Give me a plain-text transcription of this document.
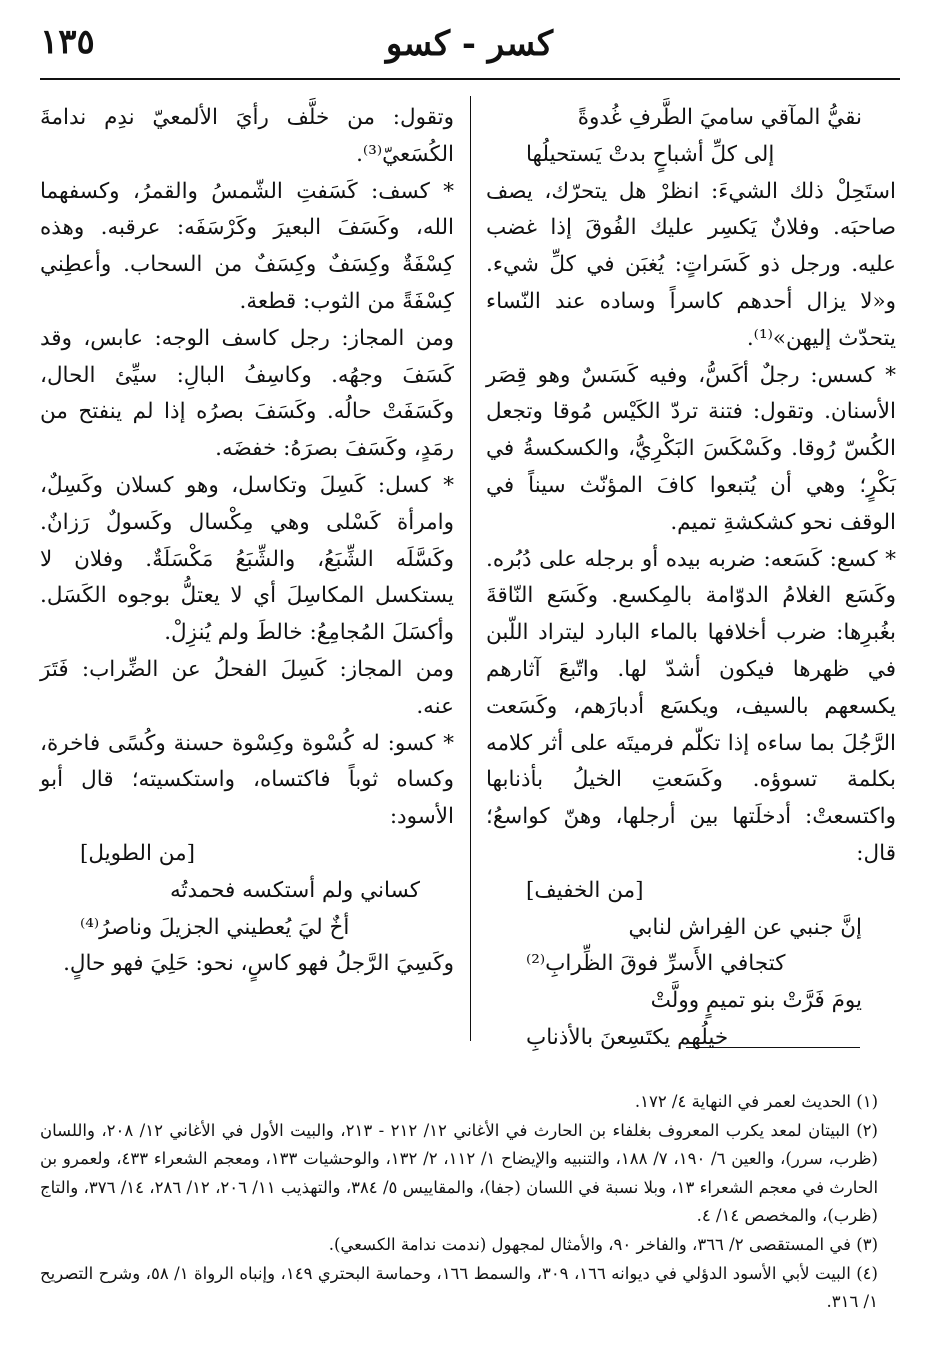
١٣٥	كسر - كسو

نقيُّ المآقي ساميَ الطَّرفِ غُدوةً

إلى كلِّ أشباحٍ بدتْ يَستحيلُها

استَحِلْ ذلك الشيءَ: انظرْ هل يتحرّك، يصف صاحبَه. وفلانٌ يَكسِر عليك الفُوقَ إذا غضب عليه. ورجل ذو كَسَراتٍ: يُغبَن في كلِّ شيء. و«لا يزال أحدهم كاسراً وساده عند النّساء يتحدّث إليهن»⁽¹⁾.

* كسس: رجلٌ أكَسُّ، وفيه كَسَسٌ وهو قِصَر الأسنان. وتقول: فتنة تردّ الكَيْس مُوقا وتجعل الكُسّ رُوقا. وكَسْكَسَ البَكْرِيُّ، والكسكسةُ في بَكْرٍ؛ وهي أن يُتبعوا كافَ المؤنّث سيناً في الوقف نحو كشكشةِ تميم.

* كسع: كَسَعه: ضربه بيده أو برجله على دُبُره. وكَسَع الغلامُ الدوّامة بالمِكسع. وكَسَع النّاقةَ بغُبرِها: ضرب أخلافها بالماء البارد ليتراد اللّبن في ظهرها فيكون أشدّ لها. واتّبعَ آثارهم يكسعهم بالسيف، ويكسَع أدبارَهم، وكَسَعت الرَّجُلَ بما ساءه إذا تكلّم فرميتَه على أثر كلامه بكلمة تسوؤه. وكَسَعتِ الخيلُ بأذنابها واكتسعتْ: أدخلَتها بين أرجلها، وهنّ كواسعُ؛ قال:

[من الخفيف]

إنَّ جنبي عن الفِراش لنابي

كتجافي الأَسرِّ فوقَ الظِّرابِ⁽²⁾

يومَ فَرَّتْ بنو تميمٍ وولَّتْ

خيلُهم يكتَسِعنَ بالأذنابِ

وتقول: من خلَّف رأيَ الألمعيّ ندِم ندامةَ الكُسَعيّ⁽³⁾.

* كسف: كَسَفتِ الشّمسُ والقمرُ، وكسفهما الله، وكَسَفَ البعيرَ وكَرْسَفَه: عرقبه. وهذه كِسْفَةٌ وكِسَفٌ وكِسَفٌ من السحاب. وأعطِني كِسْفَةً من الثوب: قطعة.

ومن المجاز: رجل كاسف الوجه: عابس، وقد كَسَفَ وجهُه. وكاسِفُ البالِ: سيِّئ الحال، وكَسَفَتْ حالُه. وكَسَفَ بصرُه إذا لم ينفتح من رمَدٍ، وكَسَفَ بصرَهُ: خفضَه.

* كسل: كَسِلَ وتكاسل، وهو كسلان وكَسِلٌ، وامرأة كَسْلى وهي مِكْسال وكَسولٌ رَزانٌ. وكَسَّلَه الشِّبَعُ، والشِّبَعُ مَكْسَلَةٌ. وفلان لا يستكسل المكاسِلَ أي لا يعتلُّ بوجوه الكَسَل. وأكسَلَ المُجامِعُ: خالطَ ولم يُنزِلْ.

ومن المجاز: كَسِلَ الفحلُ عن الضِّراب: فَتَرَ عنه.

* كسو: له كُسْوة وكِسْوة حسنة وكُسًى فاخرة، وكساه ثوباً فاكتساه، واستكسيته؛ قال أبو الأسود:

[من الطويل]

كساني ولم أستكسه فحمدتُه

أخٌ ليَ يُعطيني الجزيلَ وناصرُ⁽⁴⁾

وكَسِيَ الرَّجلُ فهو كاسٍ، نحو: حَلِيَ فهو حالٍ.

(١) الحديث لعمر في النهاية ٤/ ١٧٢.

(٢) البيتان لمعد يكرب المعروف بغلفاء بن الحارث في الأغاني ١٢/ ٢١٢ - ٢١٣، والبيت الأول في الأغاني ١٢/ ٢٠٨، واللسان (ظرب، سرر)، والعين ٦/ ١٩٠، ٧/ ١٨٨، والتنبيه والإيضاح ١/ ١١٢، ٢/ ١٣٢، والوحشيات ١٣٣، ومعجم الشعراء ٤٣٣، ولعمرو بن الحارث في معجم الشعراء ١٣، وبلا نسبة في اللسان (جفا)، والمقاييس ٥/ ٣٨٤، والتهذيب ١١/ ٢٠٦، ١٢/ ٢٨٦، ١٤/ ٣٧٦، والتاج (ظرب)، والمخصص ١٤/ ٤.

(٣) في المستقصى ٢/ ٣٦٦، والفاخر ٩٠، والأمثال لمجهول (ندمت ندامة الكسعي).

(٤) البيت لأبي الأسود الدؤلي في ديوانه ١٦٦، ٣٠٩، والسمط ١٦٦، وحماسة البحتري ١٤٩، وإنباه الرواة ١/ ٥٨، وشرح التصريح ١/ ٣١٦.
